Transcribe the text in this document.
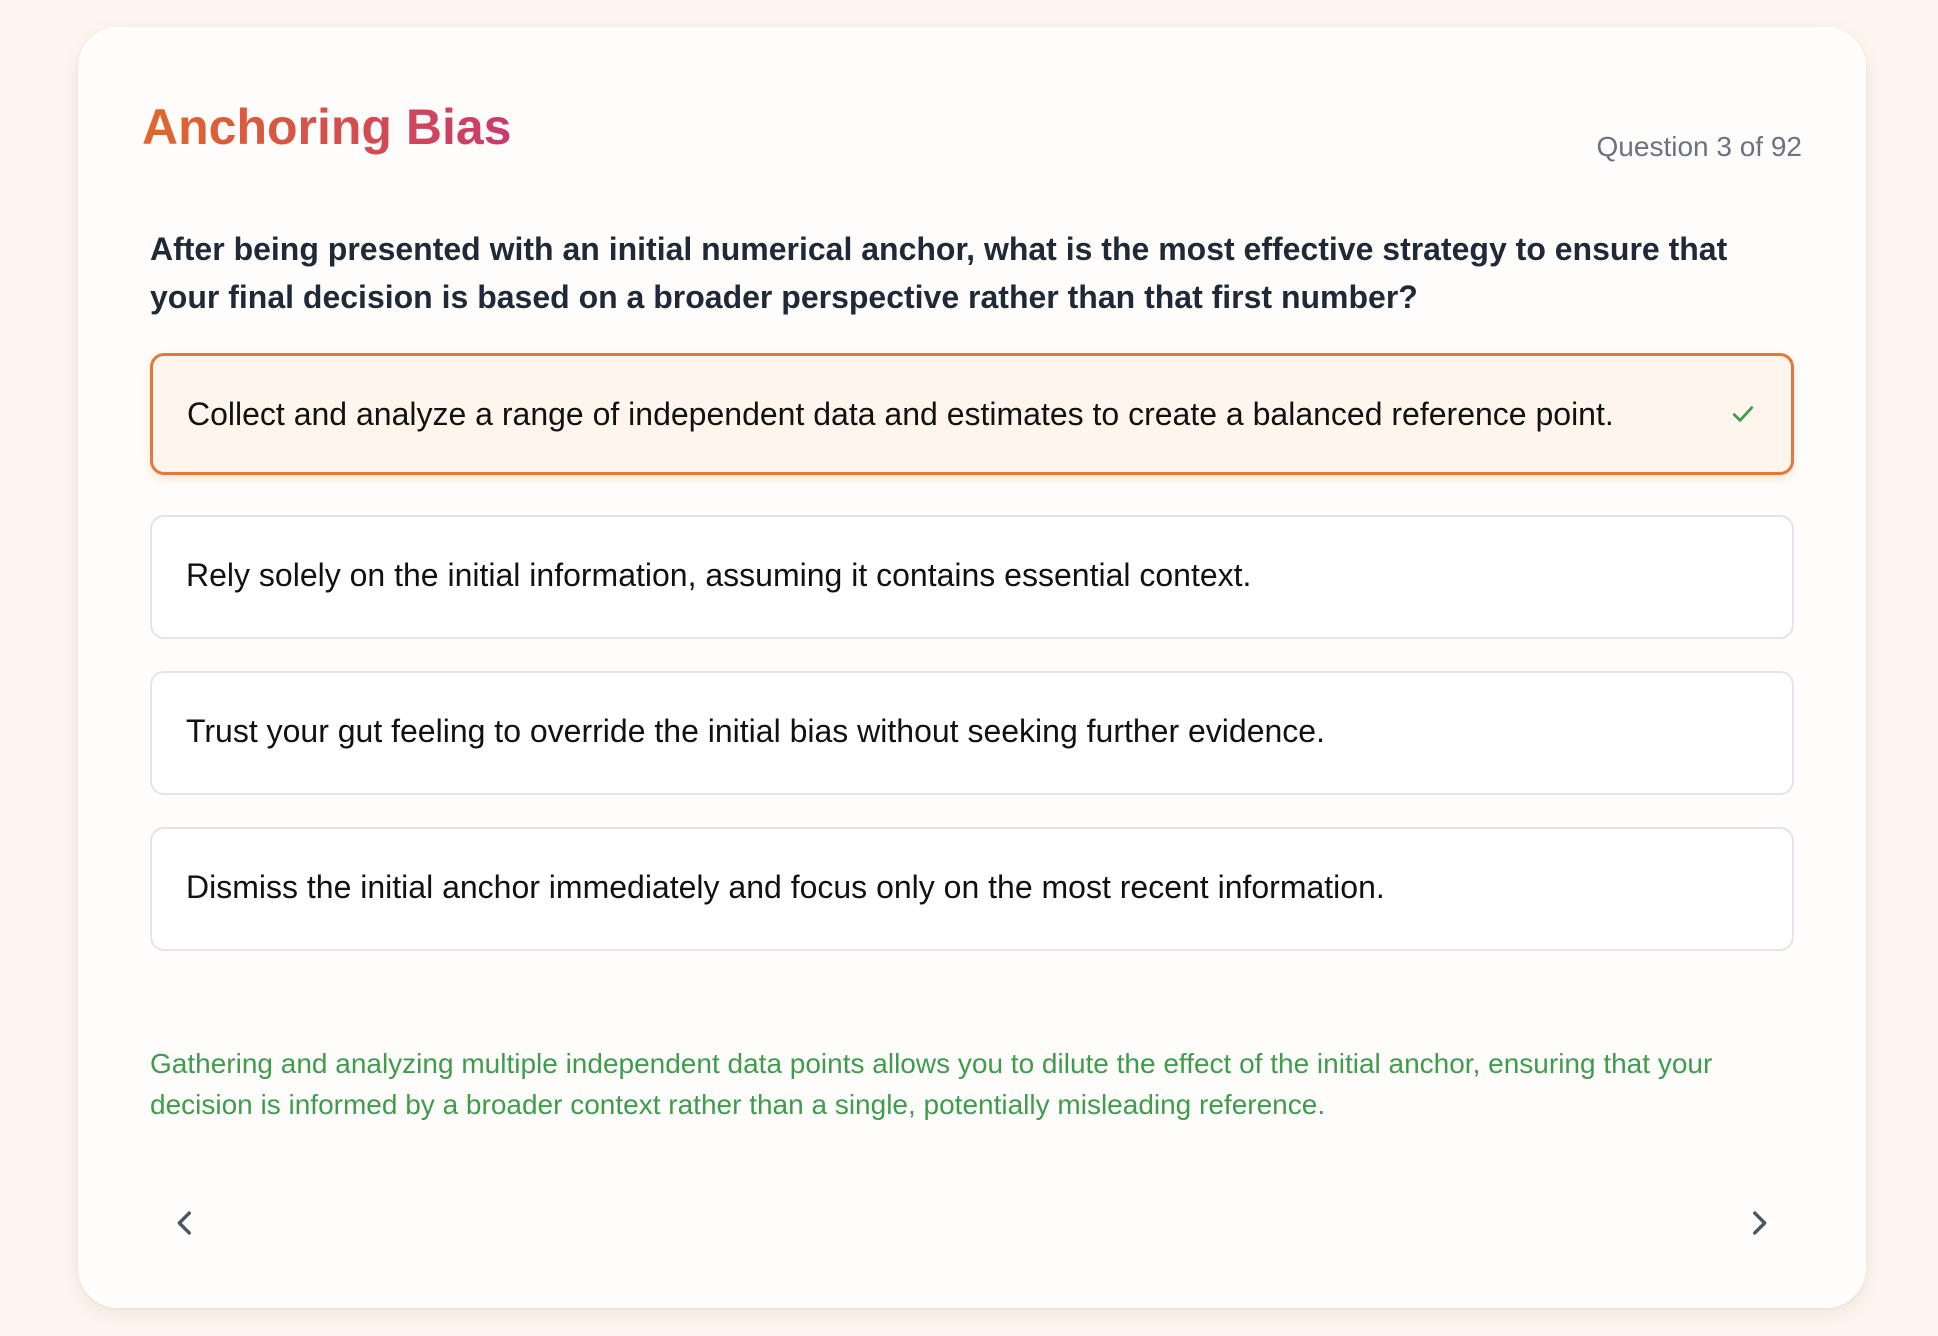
Anchoring Bias	Question 3 of 92

After being presented with an initial numerical anchor, what is the most effective strategy to ensure that your final decision is based on a broader perspective rather than that first number?

Collect and analyze a range of independent data and estimates to create a balanced reference point.
Rely solely on the initial information, assuming it contains essential context.
Trust your gut feeling to override the initial bias without seeking further evidence.
Dismiss the initial anchor immediately and focus only on the most recent information.

Gathering and analyzing multiple independent data points allows you to dilute the effect of the initial anchor, ensuring that your decision is informed by a broader context rather than a single, potentially misleading reference.
